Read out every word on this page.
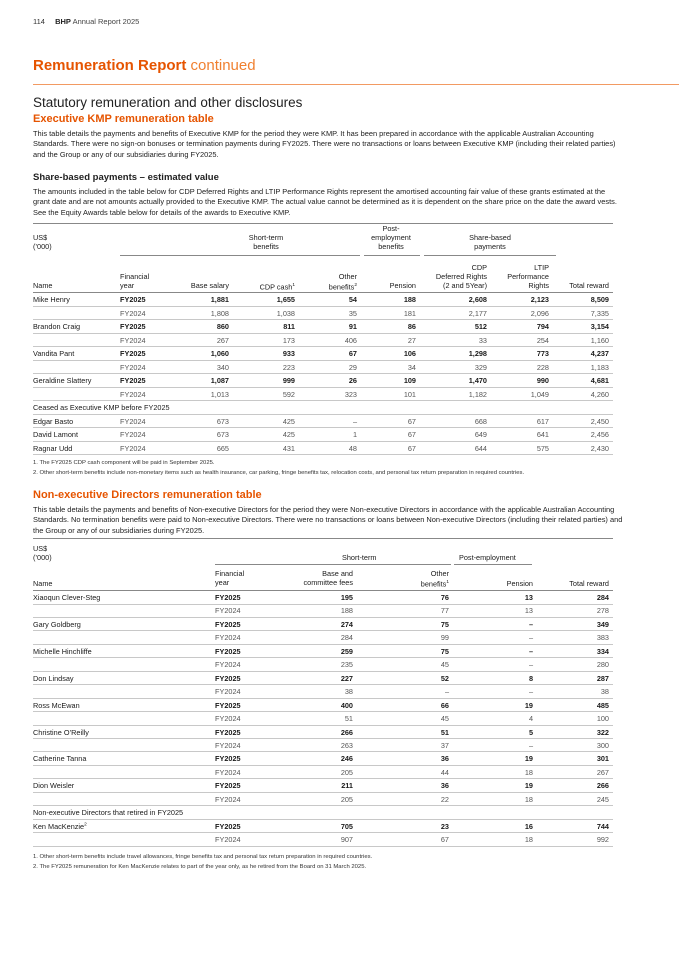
114 BHP Annual Report 2025
Remuneration Report continued
Statutory remuneration and other disclosures
Executive KMP remuneration table
This table details the payments and benefits of Executive KMP for the period they were KMP. It has been prepared in accordance with the applicable Australian Accounting Standards. There were no sign-on bonuses or termination payments during FY2025. There were no transactions or loans between Executive KMP (including their related parties) and the Group or any of our subsidiaries during FY2025.
Share-based payments – estimated value
The amounts included in the table below for CDP Deferred Rights and LTIP Performance Rights represent the amortised accounting fair value of these grants estimated at the grant date and are not amounts actually provided to the Executive KMP. The actual value cannot be determined as it is dependent on the share price on the date the award vests. See the Equity Awards table below for details of the awards to Executive KMP.
US$
(’000)
Short-term
benefits
Post-
employment
benefits
Share-based
payments
Name
Financial
year	Base salary	CDP cash$^1$
Other
benefits$^2$	Pension
CDP
Deferred Rights
(2 and 5Year)
LTIP
Performance
Rights	Total reward
Mike Henry	FY2025	1,881	1,655	54	188	2,608	2,123	8,509
FY2024	1,808	1,038	35	181	2,177	2,096	7,335
Brandon Craig	FY2025	860	811	91	86	512	794	3,154
FY2024	267	173	406	27	33	254	1,160
Vandita Pant	FY2025	1,060	933	67	106	1,298	773	4,237
FY2024	340	223	29	34	329	228	1,183
Geraldine Slattery	FY2025	1,087	999	26	109	1,470	990	4,681
FY2024	1,013	592	323	101	1,182	1,049	4,260
Ceased as Executive KMP before FY2025
Edgar Basto	FY2024	673	425	–	67	668	617	2,450
David Lamont	FY2024	673	425	1	67	649	641	2,456
Ragnar Udd	FY2024	665	431	48	67	644	575	2,430
1. The FY2025 CDP cash component will be paid in September 2025.
2. Other short-term benefits include non-monetary items such as health insurance, car parking, fringe benefits tax, relocation costs, and personal tax return preparation in required countries.
Non-executive Directors remuneration table
This table details the payments and benefits of Non-executive Directors for the period they were Non-executive Directors in accordance with the applicable Australian Accounting Standards. No termination benefits were paid to Non-executive Directors. There were no transactions or loans between Non-executive Directors (including their related parties) and the Group or any of our subsidiaries during FY2025.
US$
(’000)	Short-term	Post-employment
Name
Financial
year
Base and
committee fees
Other
benefits$^1$	Pension	Total reward
Xiaoqun Clever-Steg	FY2025	195	76	13	284
FY2024	188	77	13	278
Gary Goldberg	FY2025	274	75	–	349
FY2024	284	99	–	383
Michelle Hinchliffe	FY2025	259	75	–	334
FY2024	235	45	–	280
Don Lindsay	FY2025	227	52	8	287
FY2024	38	–	–	38
Ross McEwan	FY2025	400	66	19	485
FY2024	51	45	4	100
Christine O’Reilly	FY2025	266	51	5	322
FY2024	263	37	–	300
Catherine Tanna	FY2025	246	36	19	301
FY2024	205	44	18	267
Dion Weisler	FY2025	211	36	19	266
FY2024	205	22	18	245
Non-executive Directors that retired in FY2025
Ken MacKenzie$^2$	FY2025	705	23	16	744
FY2024	907	67	18	992
1. Other short-term benefits include travel allowances, fringe benefits tax and personal tax return preparation in required countries.
2. The FY2025 remuneration for Ken MacKenzie relates to part of the year only, as he retired from the Board on 31 March 2025.
